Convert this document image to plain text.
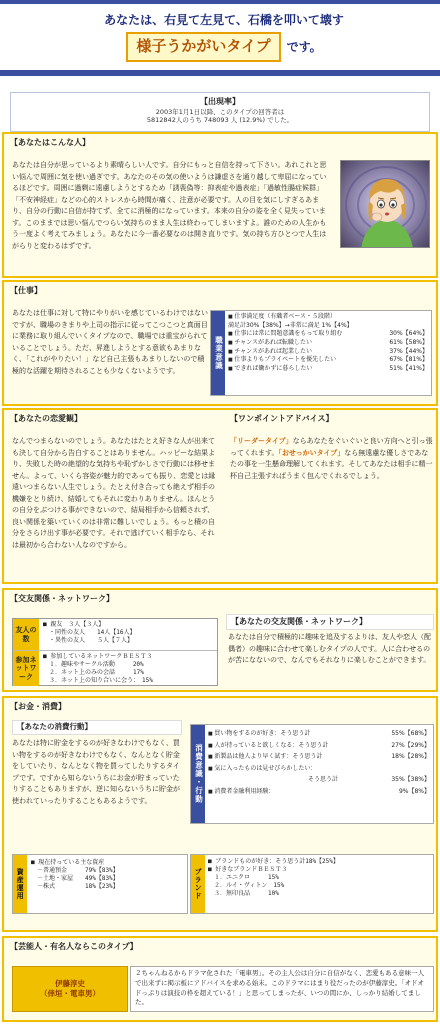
あなたは、右見て左見て、石橋を叩いて壊す
様子うかがいタイプ	です。
【出現率】

2003年1月1日以降、このタイプの回答者は

5812842人のうち 748093 人 (12.9%) でした。

【あなたはこんな人】
あなたは自分が思っているより素晴らしい人です。自分にもっと自信を持って下さい。あれこれと思い悩んで周囲に気を使い過ぎです。あなたのその気の使いようは謙虚さを通り越して卑屈になっているほどです。周囲に過剰に遠慮しようとするため「誘喪偽等：抑表症や過表症」「過敏性腸症候群」「不安神経症」などの心的ストレスから時間が痛く、注意が必要です。人の目を気にしすぎるあまり、自分の行動に自信が持てず、全てに消極的になっています。本来の自分の姿を全く見失っています。このままでは思い悩んでつらい気持ちのまま人生は終わってしまいますよ。誰のための人生かもう一度よく考えてみましょう。あなたに今一番必要なのは開き直りです。気の持ち方ひとつで人生はがらりと変わるはずです。
【仕事】
あなたは仕事に対して特にやりがいを感じているわけではないですが、職場のきまりや上司の指示に従ってこつこつと真面目に業務に取り組んでいくタイプなので、職場では重宝がられていることでしょう。ただ、昇進しようとする意欲もあまりなく、「これがやりたい！」など自己主張もあまりしないので積極的な活躍を期待されることも少なくないようです。
職業意識
■ 仕事満足度（有職者ベース・５段階）
満足計30%【38%】→非常に満足 1%【4%】
■ 仕事には常に問題意識をもって取り組む	30%【64%】
■ チャンスがあれば転職したい	61%【58%】
■ チャンスがあれば起業したい	37%【44%】
■ 仕事よりもプライベートを優先したい	67%【81%】
■ できれば働かずに暮らしたい	51%【41%】
【あなたの恋愛観】
なんでつまらないのでしょう。あなたはたとえ好きな人が出来ても決して自分から告白することはありません。ハッピーな結果より、失敗した時の絶望的な気持ちや恥ずかしさで行動には移せません。よって、いくら容姿が魅力的であっても振り、恋愛とは縁遠いつまらない人生でしょう。たとえ付き合っても絶えず相手の機嫌をとり続け、結婚してもそれに変わりありません。ほんとうの自分をぶつける事ができないので、結局相手から信頼されず、良い関係を築いていくのは非常に難しいでしょう。もっと積の自分をさらけ出す事が必要です。それで逃げていく相手なら、それは最初から合わない人なのですから。
【ワンポイントアドバイス】
「リーダータイプ」ならあなたをぐいぐいと良い方向へと引っ張ってくれます。「おせっかいタイプ」なら無遠慮な優しさであなたの事を一生懸命理解してくれます。そしてあなたは相手に精一杯自己主張すればうまく包んでくれるでしょう。
【交友関係・ネットワーク】
友人の数
■ 親友　３人【３人】
　・同性の友人　　14人【16人】
　・異性の友人　　５人【７人】
参加ネットワーク
■ 参加しているネットワークＢＥＳＴ３
　１．趣味やサークル活動　　　20%
　２．ネット上のみの会話　　　17%
　３．ネット上の知り合いに会う：　15%
【あなたの交友関係・ネットワーク】
あなたは自分で積極的に趣味を追及するよりは、友人や恋人（配偶者）の趣味に合わせて楽しむタイプの人です。人に合わせるのが苦になないので、なんでもそれなりに楽しむことができます。
【お金・消費】
【あなたの消費行動】
あなたは特に貯金をするのが好きなわけでもなく、買い物をするのが好きなわけでもなく、なんとなく貯金をしていたり、なんとなく物を買ってしたりするタイプです。ですから知らないうちにお金が貯まっていたりすることもありますが、逆に知らないうちに貯金が使われていったりすることもあるようです。	消費意識・行動
■ 買い物をするのが好き：そう思う計	55%【68%】
■ 人が持っていると欲しくなる：そう思う計	27%【29%】
■ 新製品は他人より早く試す：そう思う計	18%【28%】
■ 気に入ったものは見せびらかしたい：
そう思う計	35%【38%】
■ 消費者金融利用経験：	9%【8%】
資産運用
■ 現在持っている主な資産
　－普通預金　　　79%【83%】
　－土地・家屋　　49%【83%】
　－株式　　　　　18%【23%】	ブランド
■ ブランドものが好き：そう思う計18%【25%】
■ 好きなブランドＢＥＳＴ３
　１．ユニクロ　　　15%
　２．ルイ・ヴィトン　15%
　３．無印良品　　　10%
【芸能人・有名人ならこのタイプ】
伊藤淳史
（倖垣・電車男）
２ちゃんねるからドラマ化された「電車男」。その主人公は自分に自信がなく、恋愛もある意味一人で出来ずに掲示板にアドバイスを求める始末。このドラマにはまり役だったのが伊藤淳史。「オドオドっぷりは演技の枠を超えている！」と思ってしまったが、いつの間にか、しっかり結婚してました。
